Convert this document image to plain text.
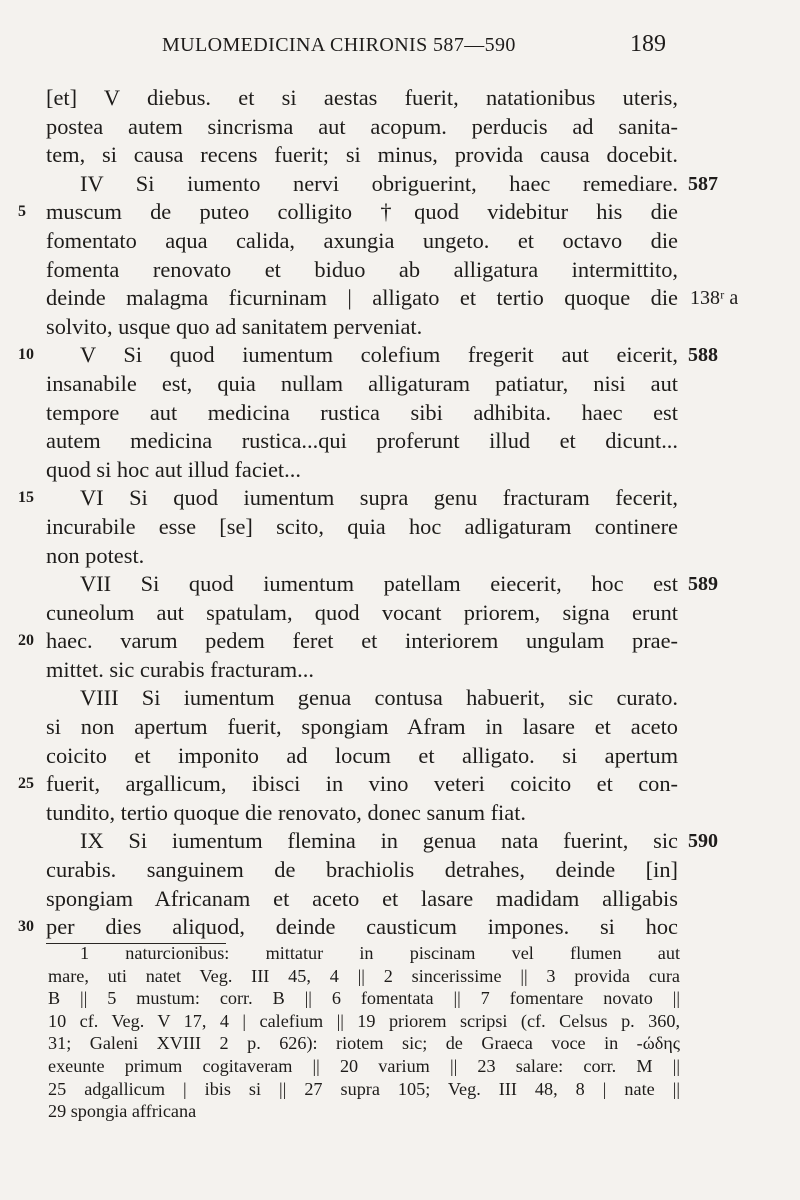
MULOMEDICINA CHIRONIS 587—590	189
[et] V diebus. et si aestas fuerit, natationibus uteris,
postea autem sincrisma aut acopum. perducis ad sanita-
tem, si causa recens fuerit; si minus, provida causa docebit.
IV Si iumento nervi obriguerint, haec remediare. 587
5 muscum de puteo colligito †quod videbitur his die
fomentato aqua calida, axungia ungeto. et octavo die
fomenta renovato et biduo ab alligatura intermittito,
deinde malagma ficurninam | alligato et tertio quoque die 138ʳ a
solvito, usque quo ad sanitatem perveniat.
10 V Si quod iumentum colefium fregerit aut eicerit, 588
insanabile est, quia nullam alligaturam patiatur, nisi aut
tempore aut medicina rustica sibi adhibita. haec est
autem medicina rustica...qui proferunt illud et dicunt...
quod si hoc aut illud faciet...
15 VI Si quod iumentum supra genu fracturam fecerit,
incurabile esse [se] scito, quia hoc adligaturam continere
non potest.
VII Si quod iumentum patellam eiecerit, hoc est 589
cuneolum aut spatulam, quod vocant priorem, signa erunt
20 haec. varum pedem feret et interiorem ungulam prae-
mittet. sic curabis fracturam...
VIII Si iumentum genua contusa habuerit, sic curato.
si non apertum fuerit, spongiam Afram in lasare et aceto
coicito et imponito ad locum et alligato. si apertum
25 fuerit, argallicum, ibisci in vino veteri coicito et con-
tundito, tertio quoque die renovato, donec sanum fiat.
IX Si iumentum flemina in genua nata fuerint, sic 590
curabis. sanguinem de brachiolis detrahes, deinde [in]
spongiam Africanam et aceto et lasare madidam alligabis
30 per dies aliquod, deinde causticum impones. si hoc
1 naturcionibus: mittatur in piscinam vel flumen aut
mare, uti natet Veg. III 45, 4 || 2 sincerissime || 3 provida cura
B || 5 mustum: corr. B || 6 fomentata || 7 fomentare novato ||
10 cf. Veg. V 17, 4 | calefium || 19 priorem scripsi (cf. Celsus p. 360,
31; Galeni XVIII 2 p. 626): riotem sic; de Graeca voce in -ώδης
exeunte primum cogitaveram || 20 varium || 23 salare: corr. M ||
25 adgallicum | ibis si || 27 supra 105; Veg. III 48, 8 | nate ||
29 spongia affricana
